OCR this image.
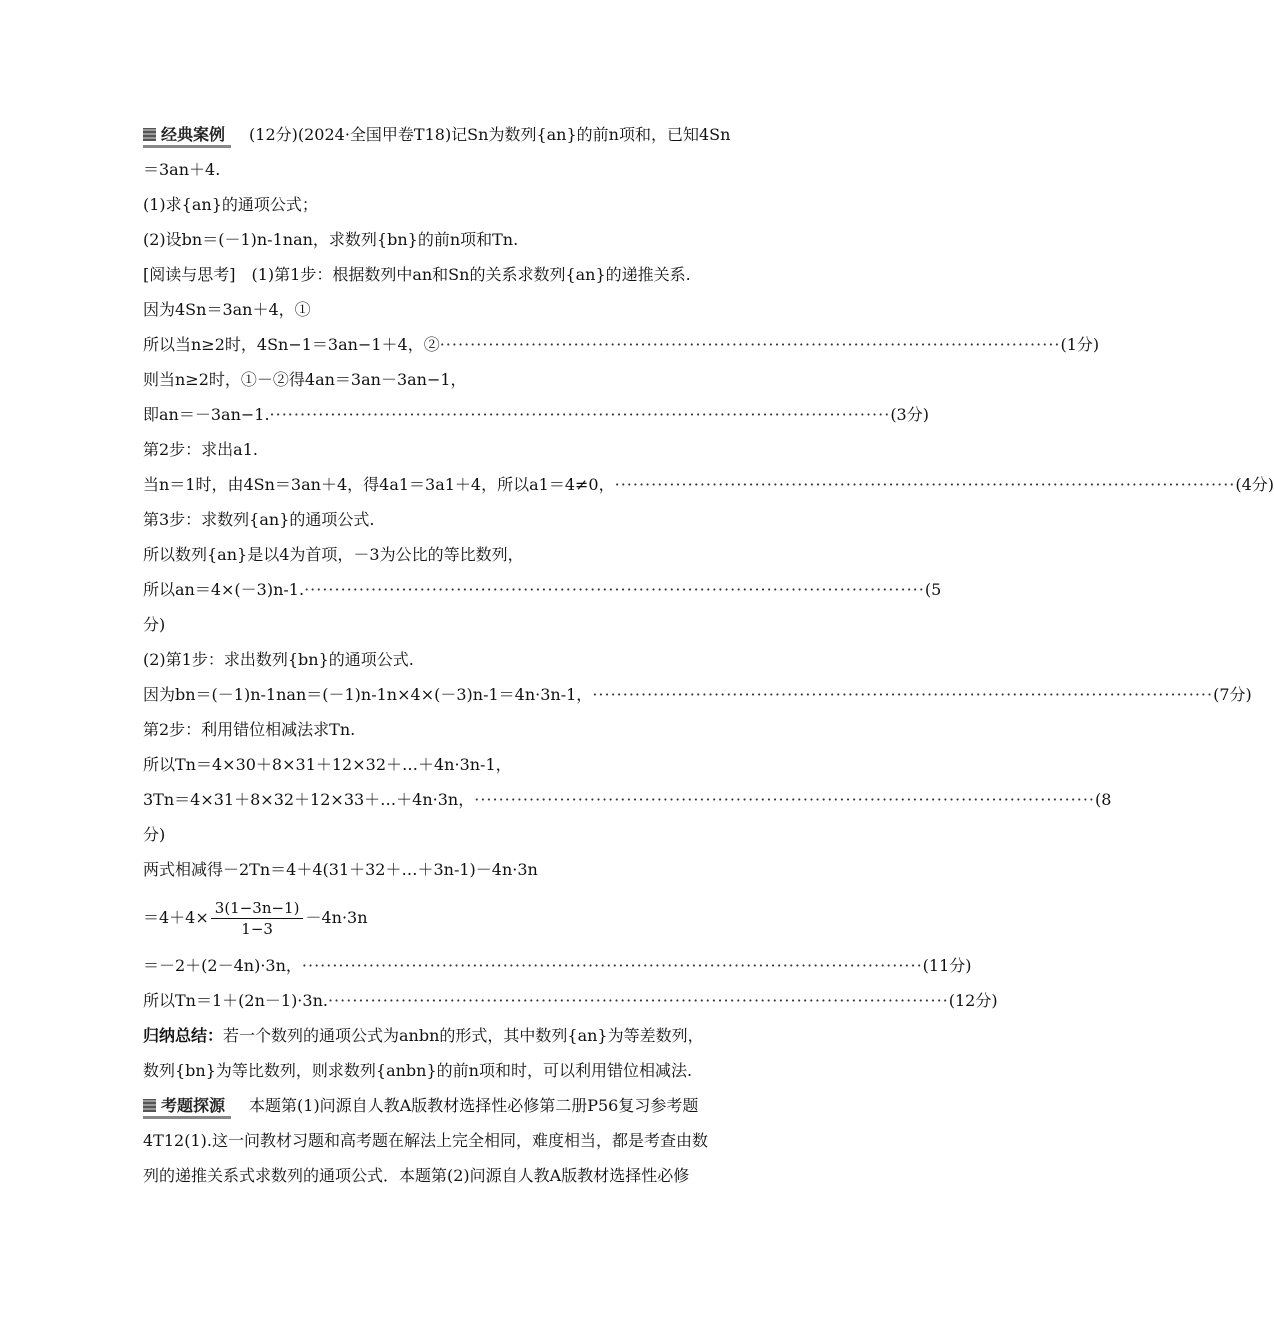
经典案例 (12分)(2024·全国甲卷T18)记Sn为数列{an}的前n项和，已知4Sn
＝3an＋4.
(1)求{an}的通项公式；
(2)设bn＝(－1)n-1nan，求数列{bn}的前n项和Tn.
[阅读与思考]　(1)第1步：根据数列中an和Sn的关系求数列{an}的递推关系.
因为4Sn＝3an＋4，①
所以当n≥2时，4Sn−1＝3an−1＋4，② ······································································································ (1分)
则当n≥2时，①－②得4an＝3an－3an−1，
即an＝－3an−1. ······································································································ (3分)
第2步：求出a1.
当n＝1时，由4Sn＝3an＋4，得4a1＝3a1＋4，所以a1＝4≠0， ······································································································ (4分)
第3步：求数列{an}的通项公式.
所以数列{an}是以4为首项，－3为公比的等比数列，
所以an＝4×(－3)n-1. ······································································································ (5
分)
(2)第1步：求出数列{bn}的通项公式.
因为bn＝(－1)n-1nan＝(－1)n-1n×4×(－3)n-1＝4n·3n-1， ······································································································ (7分)
第2步：利用错位相减法求Tn.
所以Tn＝4×30＋8×31＋12×32＋…＋4n·3n-1，
3Tn＝4×31＋8×32＋12×33＋…＋4n·3n， ······································································································ (8
分)
两式相减得－2Tn＝4＋4(31＋32＋…＋3n-1)－4n·3n
$=4+4\times \frac{3(1-3n-1)}{1-3} -4n\cdot 3n$
＝－2＋(2－4n)·3n， ······································································································ (11分)
所以Tn＝1＋(2n－1)·3n. ······································································································ (12分)
归纳总结：若一个数列的通项公式为anbn的形式，其中数列{an}为等差数列，
数列{bn}为等比数列，则求数列{anbn}的前n项和时，可以利用错位相减法.
考题探源 本题第(1)问源自人教A版教材选择性必修第二册P56复习参考题
4T12(1).这一问教材习题和高考题在解法上完全相同，难度相当，都是考查由数
列的递推关系式求数列的通项公式．本题第(2)问源自人教A版教材选择性必修
